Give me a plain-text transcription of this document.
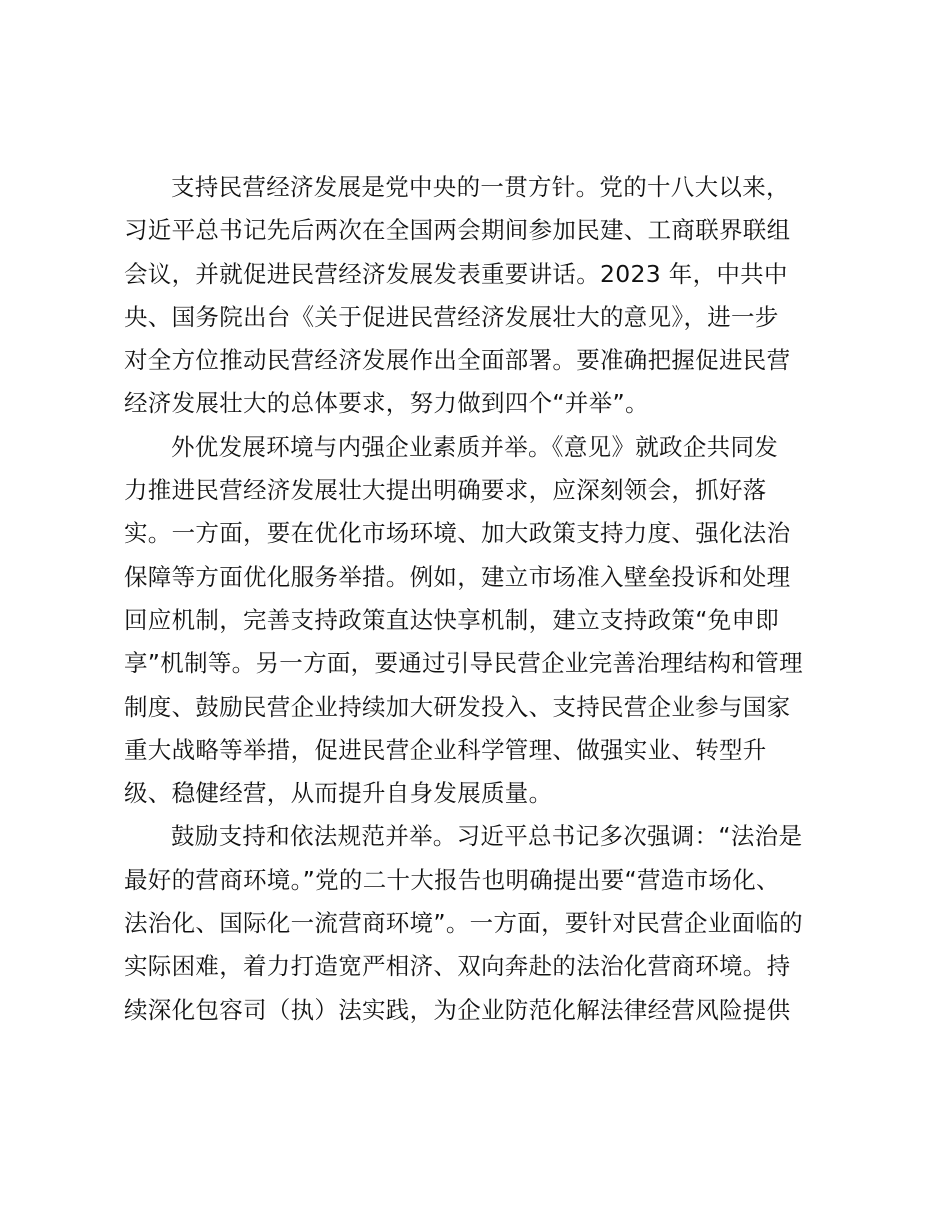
支持民营经济发展是党中央的一贯方针。党的十八大以来，
习近平总书记先后两次在全国两会期间参加民建、工商联界联组
会议，并就促进民营经济发展发表重要讲话。2023 年，中共中
央、国务院出台《关于促进民营经济发展壮大的意见》，进一步
对全方位推动民营经济发展作出全面部署。要准确把握促进民营
经济发展壮大的总体要求，努力做到四个“并举”。
外优发展环境与内强企业素质并举。《意见》就政企共同发
力推进民营经济发展壮大提出明确要求，应深刻领会，抓好落
实。一方面，要在优化市场环境、加大政策支持力度、强化法治
保障等方面优化服务举措。例如，建立市场准入壁垒投诉和处理
回应机制，完善支持政策直达快享机制，建立支持政策“免申即
享”机制等。另一方面，要通过引导民营企业完善治理结构和管理
制度、鼓励民营企业持续加大研发投入、支持民营企业参与国家
重大战略等举措，促进民营企业科学管理、做强实业、转型升
级、稳健经营，从而提升自身发展质量。
鼓励支持和依法规范并举。习近平总书记多次强调：“法治是
最好的营商环境。”党的二十大报告也明确提出要“营造市场化、
法治化、国际化一流营商环境”。一方面，要针对民营企业面临的
实际困难，着力打造宽严相济、双向奔赴的法治化营商环境。持
续深化包容司（执）法实践，为企业防范化解法律经营风险提供
